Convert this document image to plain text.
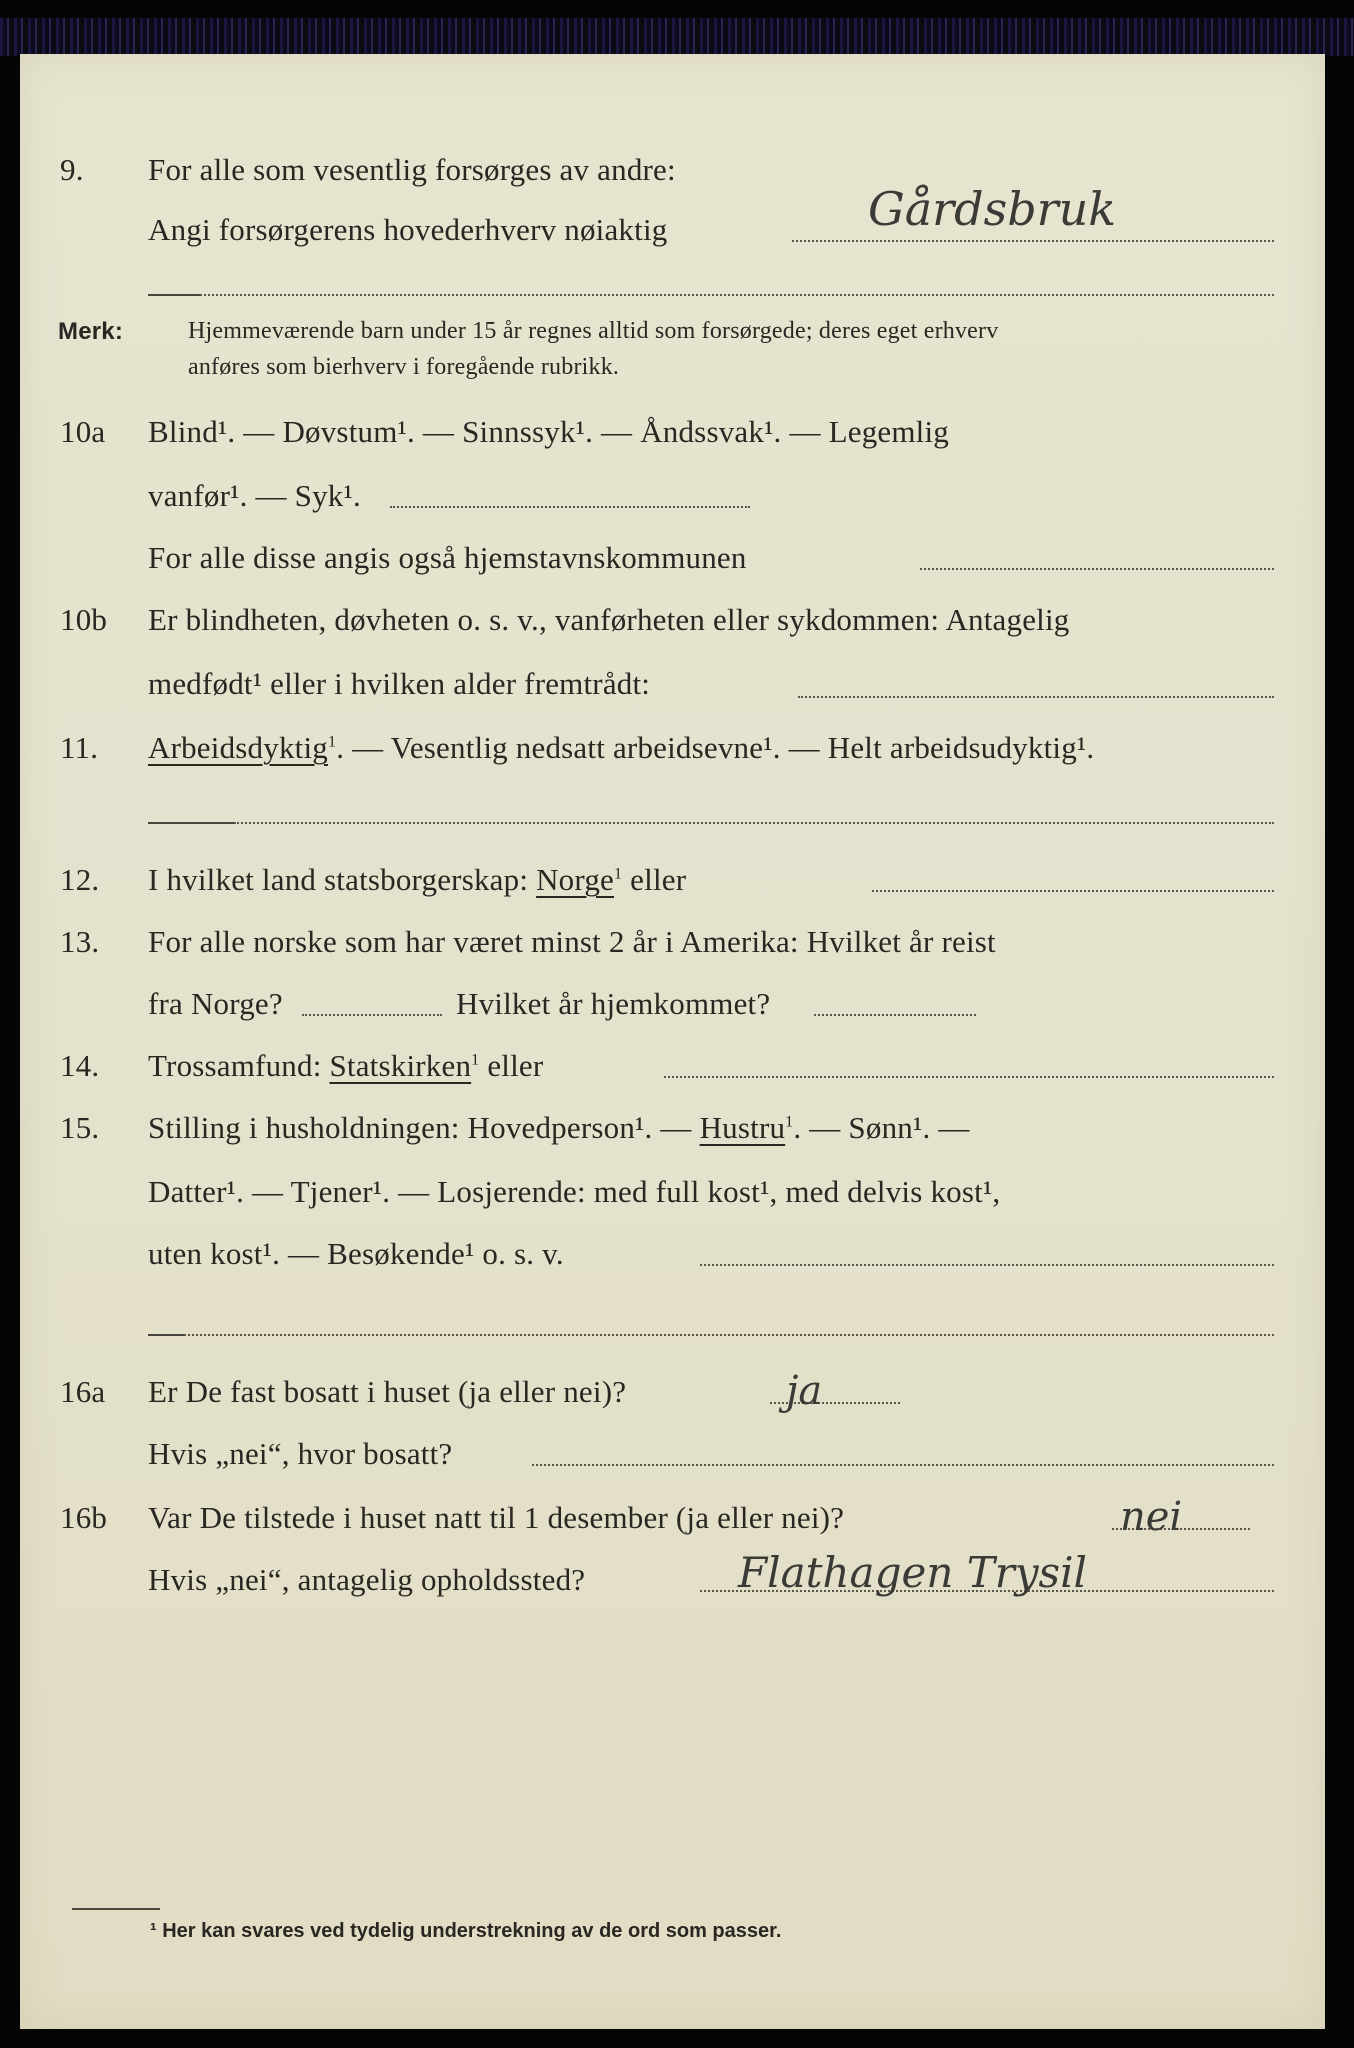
9. For alle som vesentlig forsørges av andre:
Angi forsørgerens hovederhverv nøiaktig	Gårdsbruk
Merk:	Hjemmeværende barn under 15 år regnes alltid som forsørgede; deres eget erhverv
anføres som bierhverv i foregående rubrikk.
10a Blind¹. — Døvstum¹. — Sinnssyk¹. — Åndssvak¹. — Legemlig
vanfør¹. — Syk¹.
For alle disse angis også hjemstavnskommunen
10b Er blindheten, døvheten o. s. v., vanførheten eller sykdommen: Antagelig
medfødt¹ eller i hvilken alder fremtrådt:
11. Arbeidsdyktig$^1$. — Vesentlig nedsatt arbeidsevne¹. — Helt arbeidsudyktig¹.
12. I hvilket land statsborgerskap: Norge$^1$ eller
13. For alle norske som har været minst 2 år i Amerika: Hvilket år reist
fra Norge?	Hvilket år hjemkommet?
14. Trossamfund: Statskirken$^1$ eller
15. Stilling i husholdningen: Hovedperson¹. — Hustru$^1$. — Sønn¹. —
Datter¹. — Tjener¹. — Losjerende: med full kost¹, med delvis kost¹,
uten kost¹. — Besøkende¹ o. s. v.
16a Er De fast bosatt i huset (ja eller nei)?	ja
Hvis „nei“, hvor bosatt?
16b Var De tilstede i huset natt til 1 desember (ja eller nei)?	nei
Hvis „nei“, antagelig opholdssted?	Flathagen Trysil
¹ Her kan svares ved tydelig understrekning av de ord som passer.
